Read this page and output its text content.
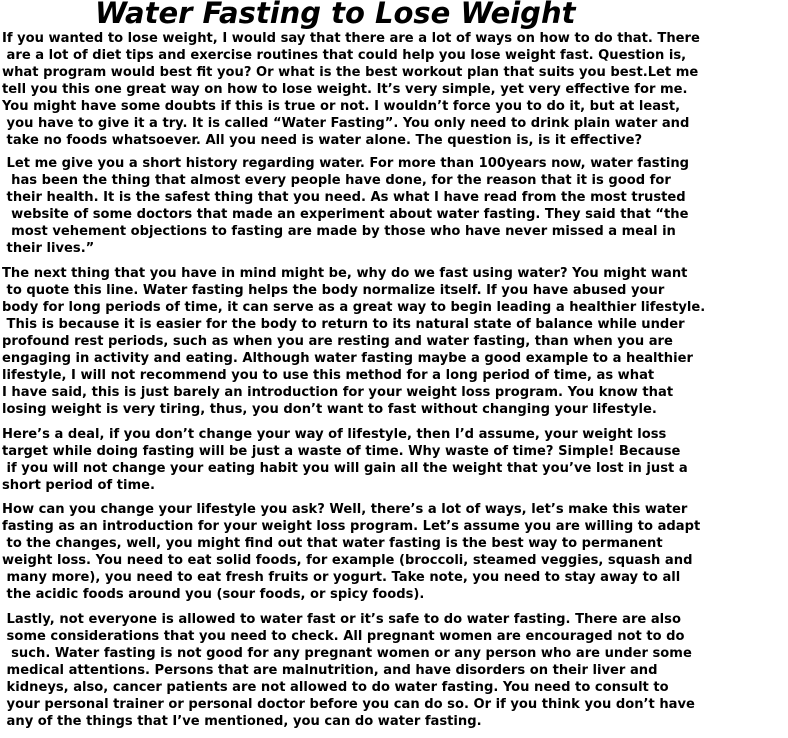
Water Fasting to Lose Weight
If you wanted to lose weight, I would say that there are a lot of ways on how to do that. There
are a lot of diet tips and exercise routines that could help you lose weight fast. Question is,
what program would best fit you? Or what is the best workout plan that suits you best.Let me
tell you this one great way on how to lose weight. It’s very simple, yet very effective for me.
You might have some doubts if this is true or not. I wouldn’t force you to do it, but at least,
you have to give it a try. It is called “Water Fasting”. You only need to drink plain water and
take no foods whatsoever. All you need is water alone. The question is, is it effective?
Let me give you a short history regarding water. For more than 100years now, water fasting
has been the thing that almost every people have done, for the reason that it is good for
their health. It is the safest thing that you need. As what I have read from the most trusted
website of some doctors that made an experiment about water fasting. They said that “the
most vehement objections to fasting are made by those who have never missed a meal in
their lives.”
The next thing that you have in mind might be, why do we fast using water? You might want
to quote this line. Water fasting helps the body normalize itself. If you have abused your
body for long periods of time, it can serve as a great way to begin leading a healthier lifestyle.
This is because it is easier for the body to return to its natural state of balance while under
profound rest periods, such as when you are resting and water fasting, than when you are
engaging in activity and eating. Although water fasting maybe a good example to a healthier
lifestyle, I will not recommend you to use this method for a long period of time, as what
I have said, this is just barely an introduction for your weight loss program. You know that
losing weight is very tiring, thus, you don’t want to fast without changing your lifestyle.
Here’s a deal, if you don’t change your way of lifestyle, then I’d assume, your weight loss
target while doing fasting will be just a waste of time. Why waste of time? Simple! Because
if you will not change your eating habit you will gain all the weight that you’ve lost in just a
short period of time.
How can you change your lifestyle you ask? Well, there’s a lot of ways, let’s make this water
fasting as an introduction for your weight loss program. Let’s assume you are willing to adapt
to the changes, well, you might find out that water fasting is the best way to permanent
weight loss. You need to eat solid foods, for example (broccoli, steamed veggies, squash and
many more), you need to eat fresh fruits or yogurt. Take note, you need to stay away to all
the acidic foods around you (sour foods, or spicy foods).
Lastly, not everyone is allowed to water fast or it’s safe to do water fasting. There are also
some considerations that you need to check. All pregnant women are encouraged not to do
such. Water fasting is not good for any pregnant women or any person who are under some
medical attentions. Persons that are malnutrition, and have disorders on their liver and
kidneys, also, cancer patients are not allowed to do water fasting. You need to consult to
your personal trainer or personal doctor before you can do so. Or if you think you don’t have
any of the things that I’ve mentioned, you can do water fasting.
